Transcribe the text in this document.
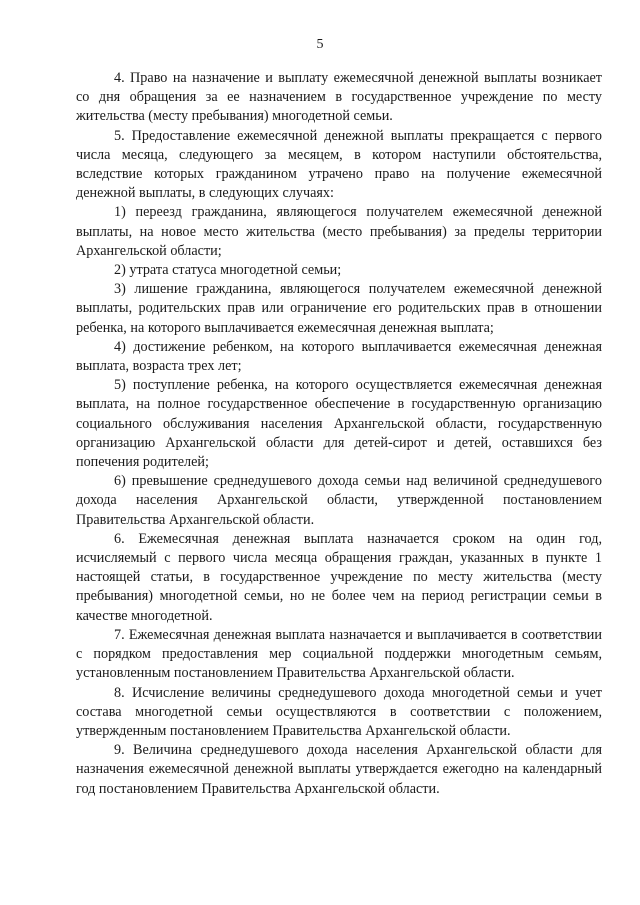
5

4. Право на назначение и выплату ежемесячной денежной выплаты возникает со дня обращения за ее назначением в государственное учреждение по месту жительства (месту пребывания) многодетной семьи.

5. Предоставление ежемесячной денежной выплаты прекращается с первого числа месяца, следующего за месяцем, в котором наступили обстоятельства, вследствие которых гражданином утрачено право на получение ежемесячной денежной выплаты, в следующих случаях:

1) переезд гражданина, являющегося получателем ежемесячной денежной выплаты, на новое место жительства (место пребывания) за пределы территории Архангельской области;

2) утрата статуса многодетной семьи;

3) лишение гражданина, являющегося получателем ежемесячной денежной выплаты, родительских прав или ограничение его родительских прав в отношении ребенка, на которого выплачивается ежемесячная денежная выплата;

4) достижение ребенком, на которого выплачивается ежемесячная денежная выплата, возраста трех лет;

5) поступление ребенка, на которого осуществляется ежемесячная денежная выплата, на полное государственное обеспечение в государственную организацию социального обслуживания населения Архангельской области, государственную организацию Архангельской области для детей-сирот и детей, оставшихся без попечения родителей;

6) превышение среднедушевого дохода семьи над величиной среднедушевого дохода населения Архангельской области, утвержденной постановлением Правительства Архангельской области.

6. Ежемесячная денежная выплата назначается сроком на один год, исчисляемый с первого числа месяца обращения граждан, указанных в пункте 1 настоящей статьи, в государственное учреждение по месту жительства (месту пребывания) многодетной семьи, но не более чем на период регистрации семьи в качестве многодетной.

7. Ежемесячная денежная выплата назначается и выплачивается в соответствии с порядком предоставления мер социальной поддержки многодетным семьям, установленным постановлением Правительства Архангельской области.

8. Исчисление величины среднедушевого дохода многодетной семьи и учет состава многодетной семьи осуществляются в соответствии с положением, утвержденным постановлением Правительства Архангельской области.

9. Величина среднедушевого дохода населения Архангельской области для назначения ежемесячной денежной выплаты утверждается ежегодно на календарный год постановлением Правительства Архангельской области.
